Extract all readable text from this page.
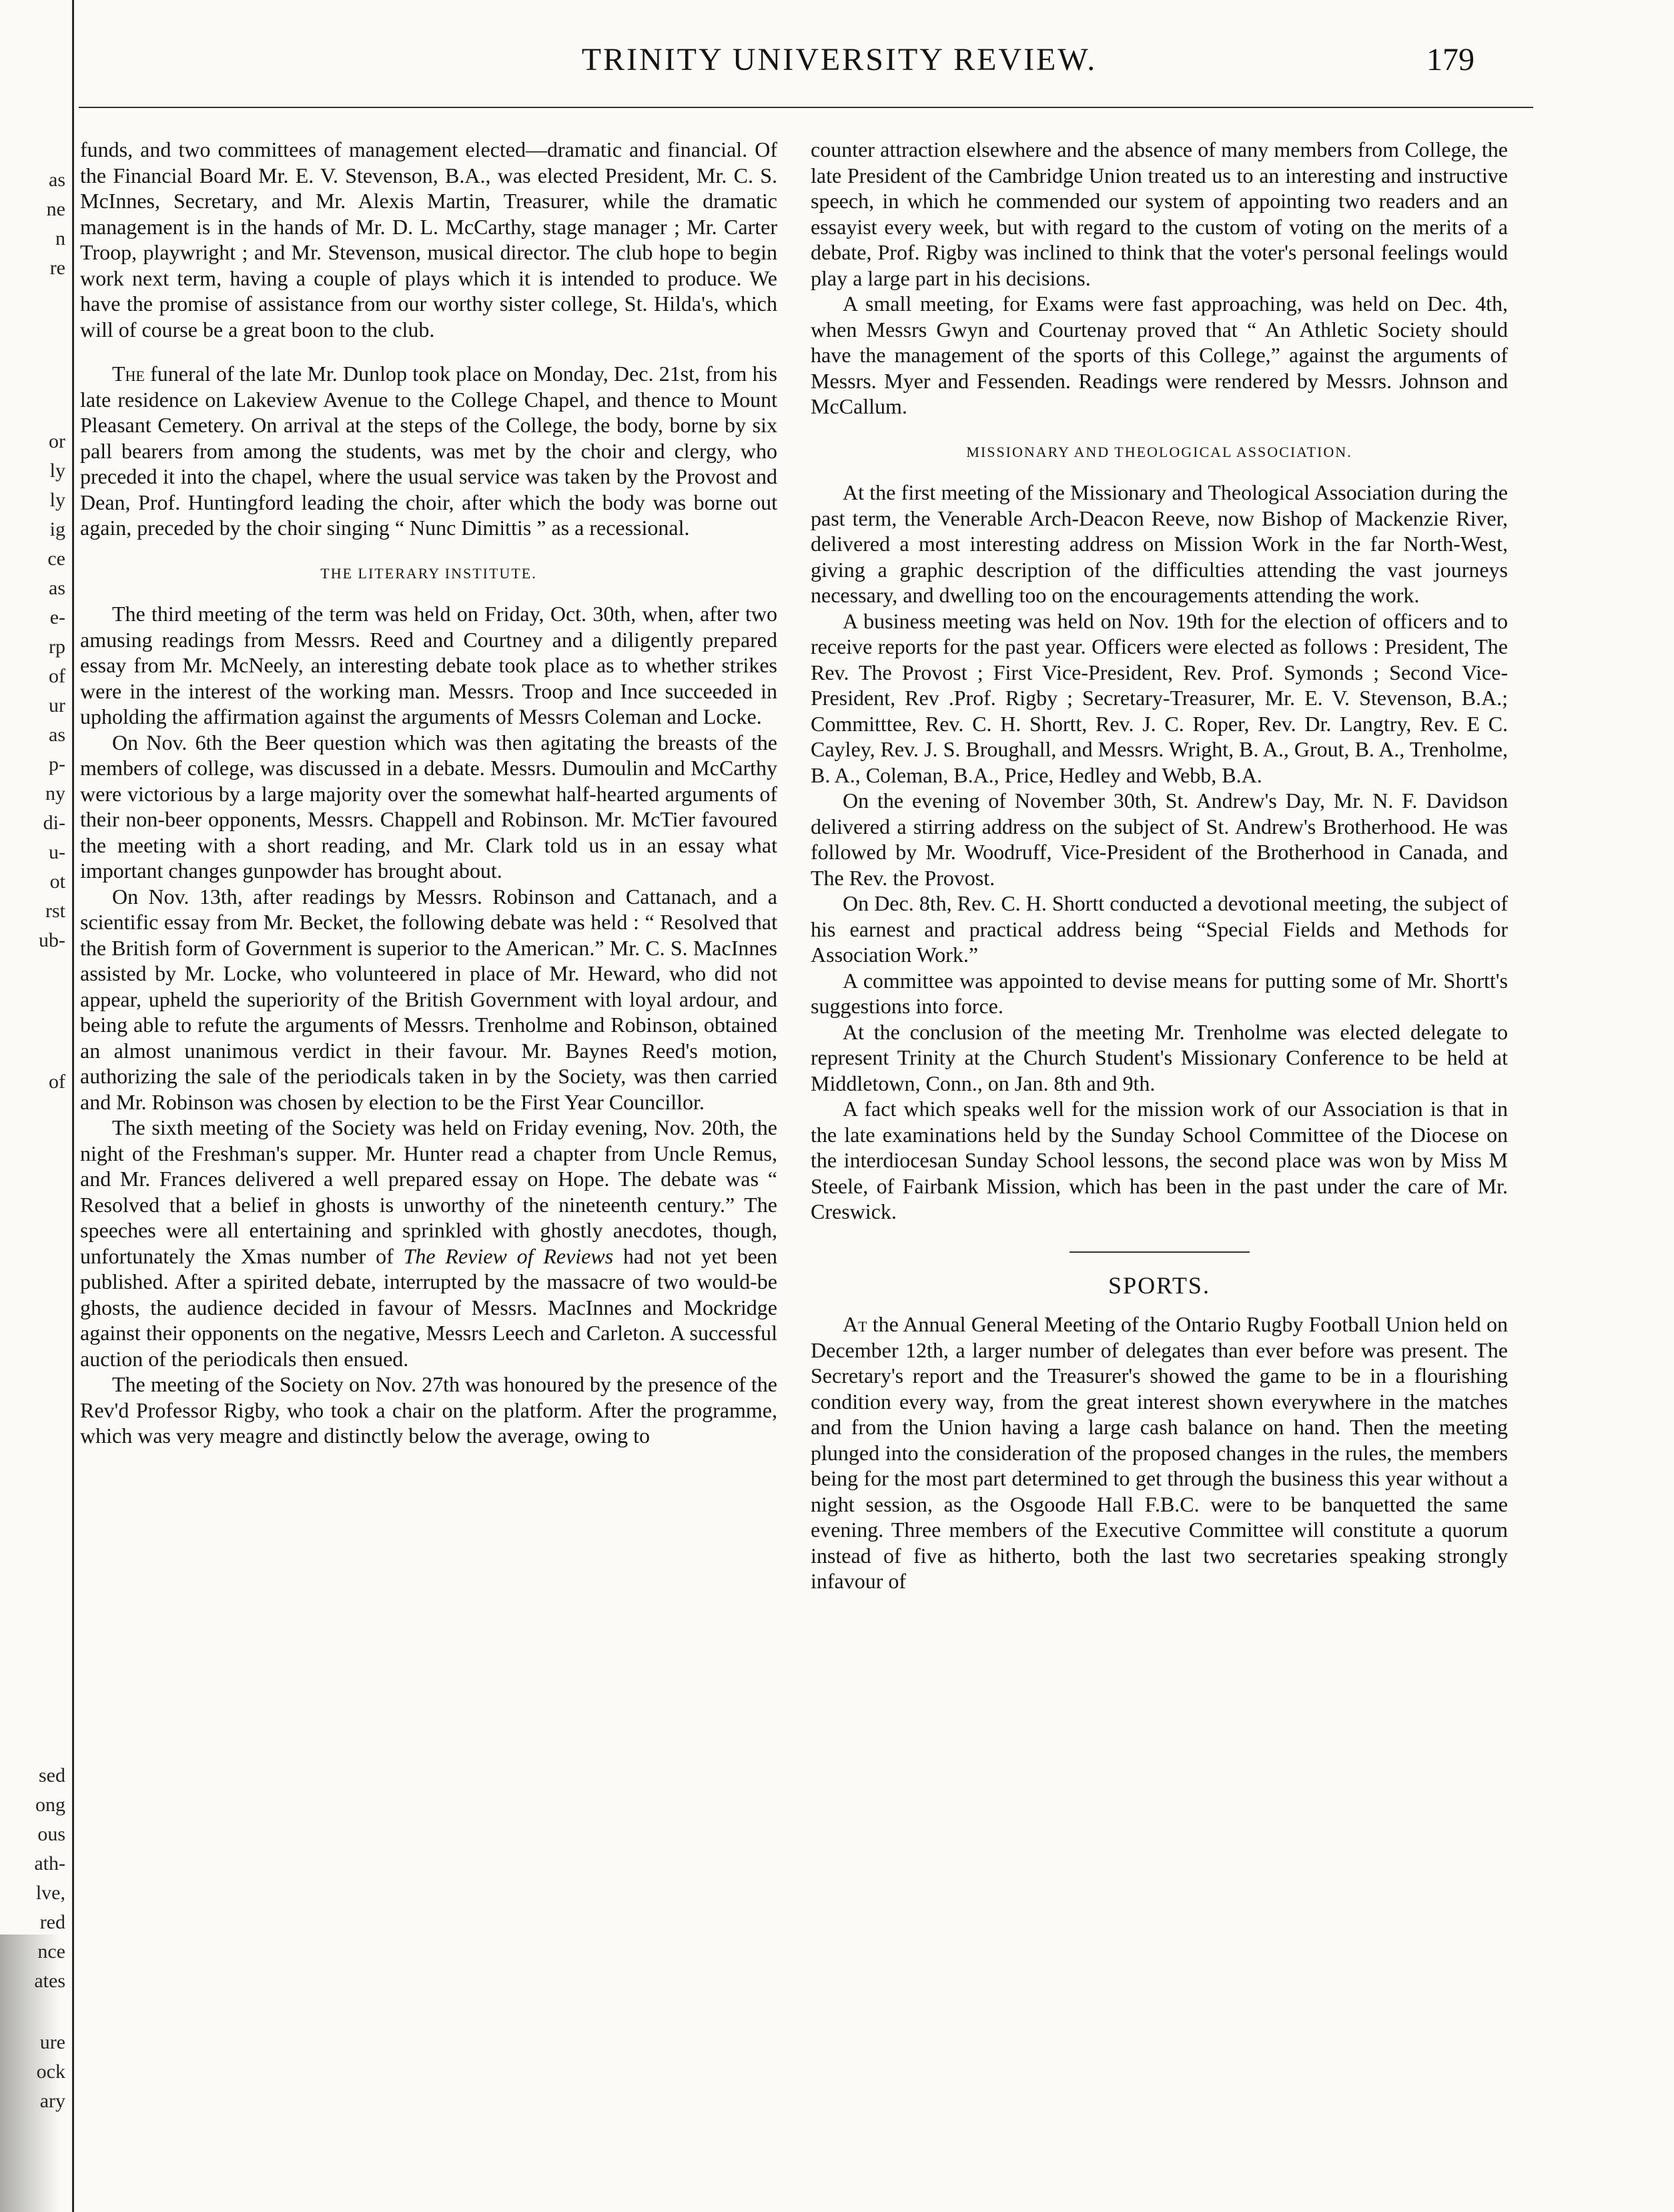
as
ne
n
re
or
ly
ly
ig
ce
as
e-
rp
of
ur
as
p-
ny
di-
u-
ot
rst
ub-
of
sed
ong
ous
ath-
lve,
red
nce
ates
ure
ock
ary
TRINITY UNIVERSITY REVIEW.	179

funds, and two committees of management elected—dramatic and financial. Of the Financial Board Mr. E. V. Stevenson, B.A., was elected President, Mr. C. S. McInnes, Secretary, and Mr. Alexis Martin, Treasurer, while the dramatic management is in the hands of Mr. D. L. McCarthy, stage manager ; Mr. Carter Troop, playwright ; and Mr. Stevenson, musical director. The club hope to begin work next term, having a couple of plays which it is intended to produce. We have the promise of assistance from our worthy sister college, St. Hilda's, which will of course be a great boon to the club.

The funeral of the late Mr. Dunlop took place on Monday, Dec. 21st, from his late residence on Lakeview Avenue to the College Chapel, and thence to Mount Pleasant Cemetery. On arrival at the steps of the College, the body, borne by six pall bearers from among the students, was met by the choir and clergy, who preceded it into the chapel, where the usual service was taken by the Provost and Dean, Prof. Huntingford leading the choir, after which the body was borne out again, preceded by the choir singing “ Nunc Dimittis ” as a recessional.

THE LITERARY INSTITUTE.

The third meeting of the term was held on Friday, Oct. 30th, when, after two amusing readings from Messrs. Reed and Courtney and a diligently prepared essay from Mr. McNeely, an interesting debate took place as to whether strikes were in the interest of the working man. Messrs. Troop and Ince succeeded in upholding the affirmation against the arguments of Messrs Coleman and Locke.

On Nov. 6th the Beer question which was then agitating the breasts of the members of college, was discussed in a debate. Messrs. Dumoulin and McCarthy were victorious by a large majority over the somewhat half-hearted arguments of their non-beer opponents, Messrs. Chappell and Robinson. Mr. McTier favoured the meeting with a short reading, and Mr. Clark told us in an essay what important changes gunpowder has brought about.

On Nov. 13th, after readings by Messrs. Robinson and Cattanach, and a scientific essay from Mr. Becket, the following debate was held : “ Resolved that the British form of Government is superior to the American.” Mr. C. S. MacInnes assisted by Mr. Locke, who volunteered in place of Mr. Heward, who did not appear, upheld the superiority of the British Government with loyal ardour, and being able to refute the arguments of Messrs. Trenholme and Robinson, obtained an almost unanimous verdict in their favour. Mr. Baynes Reed's motion, authorizing the sale of the periodicals taken in by the Society, was then carried and Mr. Robinson was chosen by election to be the First Year Councillor.

The sixth meeting of the Society was held on Friday evening, Nov. 20th, the night of the Freshman's supper. Mr. Hunter read a chapter from Uncle Remus, and Mr. Frances delivered a well prepared essay on Hope. The debate was “ Resolved that a belief in ghosts is unworthy of the nineteenth century.” The speeches were all entertaining and sprinkled with ghostly anecdotes, though, unfortunately the Xmas number of The Review of Reviews had not yet been published. After a spirited debate, interrupted by the massacre of two would-be ghosts, the audience decided in favour of Messrs. MacInnes and Mockridge against their opponents on the negative, Messrs Leech and Carleton. A successful auction of the periodicals then ensued.

The meeting of the Society on Nov. 27th was honoured by the presence of the Rev'd Professor Rigby, who took a chair on the platform. After the programme, which was very meagre and distinctly below the average, owing to

counter attraction elsewhere and the absence of many members from College, the late President of the Cambridge Union treated us to an interesting and instructive speech, in which he commended our system of appointing two readers and an essayist every week, but with regard to the custom of voting on the merits of a debate, Prof. Rigby was inclined to think that the voter's personal feelings would play a large part in his decisions.

A small meeting, for Exams were fast approaching, was held on Dec. 4th, when Messrs Gwyn and Courtenay proved that “ An Athletic Society should have the management of the sports of this College,” against the arguments of Messrs. Myer and Fessenden. Readings were rendered by Messrs. Johnson and McCallum.

MISSIONARY AND THEOLOGICAL ASSOCIATION.

At the first meeting of the Missionary and Theological Association during the past term, the Venerable Arch-Deacon Reeve, now Bishop of Mackenzie River, delivered a most interesting address on Mission Work in the far North-West, giving a graphic description of the difficulties attending the vast journeys necessary, and dwelling too on the encouragements attending the work.

A business meeting was held on Nov. 19th for the election of officers and to receive reports for the past year. Officers were elected as follows : President, The Rev. The Provost ; First Vice-President, Rev. Prof. Symonds ; Second Vice-President, Rev .Prof. Rigby ; Secretary-Treasurer, Mr. E. V. Stevenson, B.A.; Committtee, Rev. C. H. Shortt, Rev. J. C. Roper, Rev. Dr. Langtry, Rev. E C. Cayley, Rev. J. S. Broughall, and Messrs. Wright, B. A., Grout, B. A., Trenholme, B. A., Coleman, B.A., Price, Hedley and Webb, B.A.

On the evening of November 30th, St. Andrew's Day, Mr. N. F. Davidson delivered a stirring address on the subject of St. Andrew's Brotherhood. He was followed by Mr. Woodruff, Vice-President of the Brotherhood in Canada, and The Rev. the Provost.

On Dec. 8th, Rev. C. H. Shortt conducted a devotional meeting, the subject of his earnest and practical address being “Special Fields and Methods for Association Work.”

A committee was appointed to devise means for putting some of Mr. Shortt's suggestions into force.

At the conclusion of the meeting Mr. Trenholme was elected delegate to represent Trinity at the Church Student's Missionary Conference to be held at Middletown, Conn., on Jan. 8th and 9th.

A fact which speaks well for the mission work of our Association is that in the late examinations held by the Sunday School Committee of the Diocese on the interdiocesan Sunday School lessons, the second place was won by Miss M Steele, of Fairbank Mission, which has been in the past under the care of Mr. Creswick.

SPORTS.

At the Annual General Meeting of the Ontario Rugby Football Union held on December 12th, a larger number of delegates than ever before was present. The Secretary's report and the Treasurer's showed the game to be in a flourishing condition every way, from the great interest shown everywhere in the matches and from the Union having a large cash balance on hand. Then the meeting plunged into the consideration of the proposed changes in the rules, the members being for the most part determined to get through the business this year without a night session, as the Osgoode Hall F.B.C. were to be banquetted the same evening. Three members of the Executive Committee will constitute a quorum instead of five as hitherto, both the last two secretaries speaking strongly infavour of
